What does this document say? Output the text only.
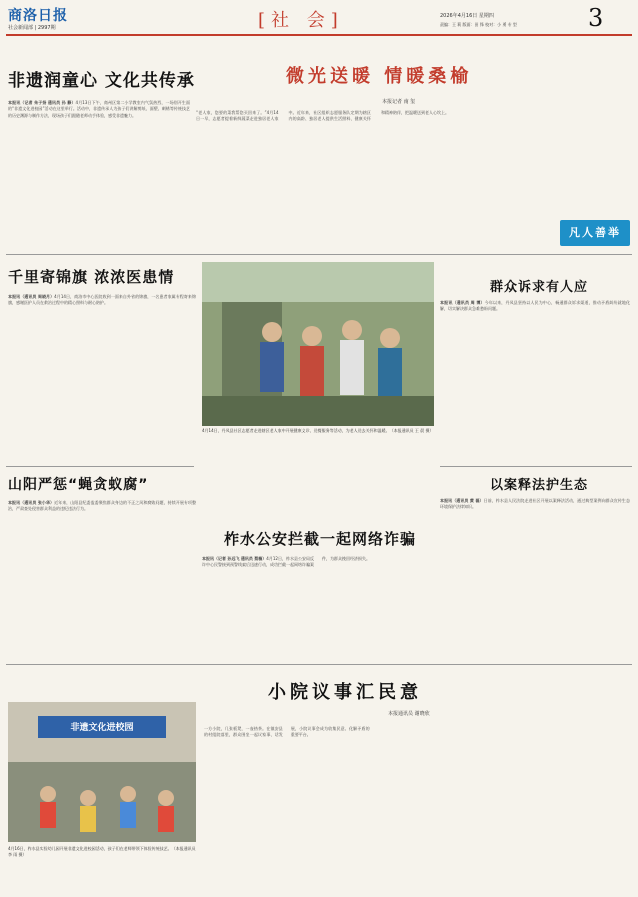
商洛日报
社会新闻部 | 2997期	[社 会]	2026年4月16日 星期四
责编：王 莉 版面：田 锋 校对：小 勇 专 型	3
非遗润童心 文化共传承
本报讯（记者 朱子扬 通讯员 孙 静）4月13日下午，商州区第二小学教室内气氛热烈，一场别开生面的“非遗文化进校园”活动在这里举行。活动中，非遗传承人为孩子们讲解剪纸、面塑、刺绣等传统技艺的历史渊源与制作方法，现场孩子们跟随老师动手体验，感受非遗魅力。
微光送暖 情暖桑榆
本报记者 南 玺
“老人家，您要的菜我帮您买回来了。”4月14日一早，志愿者提着新鲜蔬菜走进独居老人家中。近年来，社区组织志愿服务队定期为辖区内的高龄、独居老人提供生活照料、健康关怀和精神陪伴，把温暖送到老人心坎上。
凡人善举
千里寄锦旗 浓浓医患情
本报讯（通讯员 周晓月）4月14日，商洛市中心医院收到一面来自外省的锦旗，一名患者家属专程寄来锦旗，感谢医护人员在救治过程中的精心照料与耐心陪护。
4月14日，丹凤县社区志愿者走进辖区老人家中开展健康义诊、送餐服务等活动，为老人送去关怀和温暖。（本报通讯员 王 晨 摄）
群众诉求有人应
本报讯（通讯员 周 博）今年以来，丹凤县坚持以人民为中心，畅通群众诉求渠道，推动矛盾纠纷就地化解，切实解决群众急难愁盼问题。
山阳严惩“蝇贪蚁腐”
本报讯（通讯员 张小华）近年来，山阳县纪委监委聚焦群众身边的不正之风和腐败问题，持续开展专项整治，严肃查处侵害群众利益的违纪违法行为。
以案释法护生态
本报讯（通讯员 黄 磊）日前，柞水县人民法院走进社区开展以案释法活动，通过典型案例向群众宣传生态环境保护法律知识。
柞水公安拦截一起网络诈骗
本报讯（记者 孙远飞 通讯员 蔡楠）4月12日，柞水县公安局反诈中心民警接到预警线索后迅速行动，成功拦截一起网络诈骗案件，为群众挽回经济损失。
小院议事汇民意
本报通讯员 谢晓欣
非遗文化进校园
4月16日，柞水县实验幼儿园开展非遗文化进校园活动，孩子们在老师带领下体验传统技艺。（本报通讯员 李 雨 摄）
一方小院，几张板凳，一壶热茶。在镇安县的村组院落里，群众围坐一起议家事、话发展，小院议事会成为收集民意、化解矛盾的重要平台。
